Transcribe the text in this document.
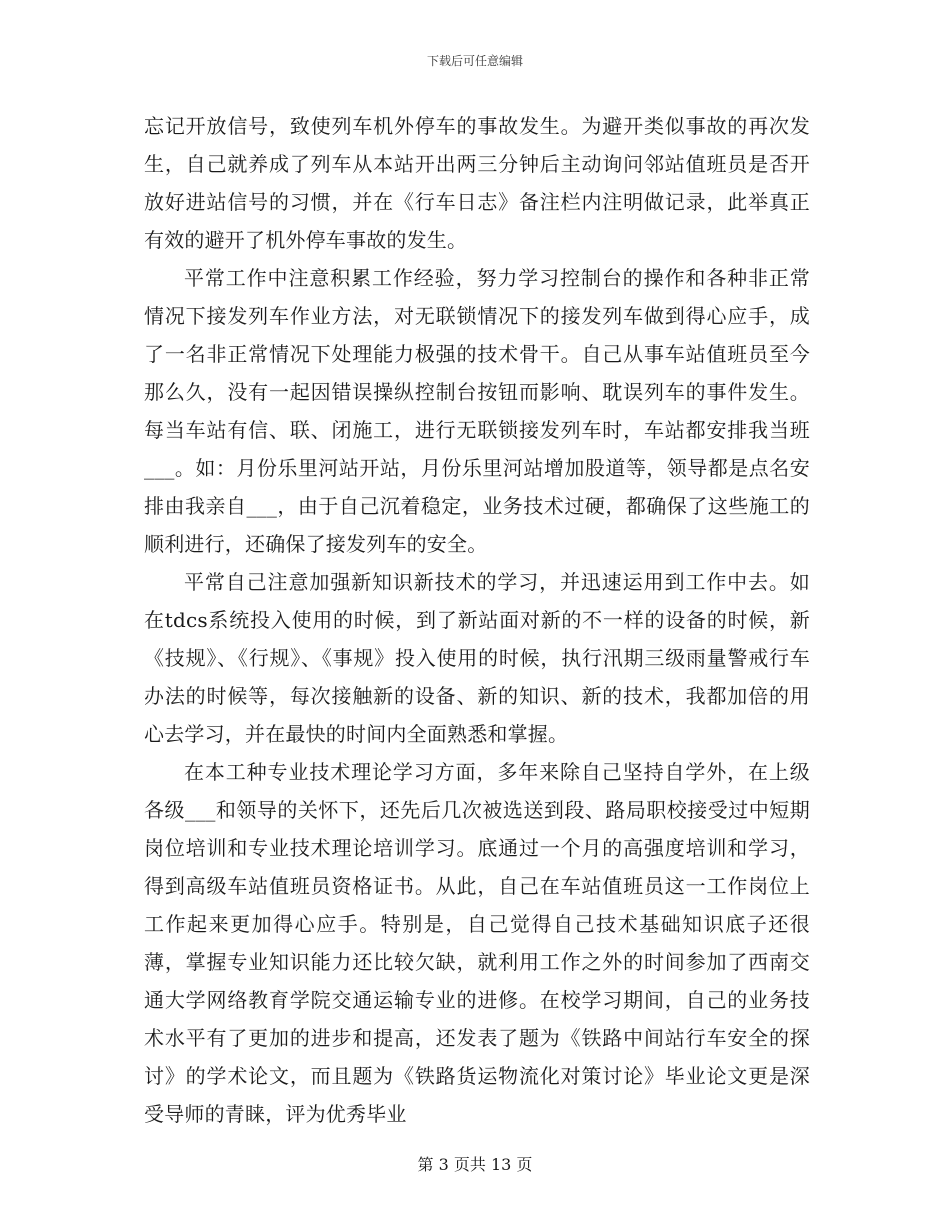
下载后可任意编辑

忘记开放信号，致使列车机外停车的事故发生。为避开类似事故的再次发生，自己就养成了列车从本站开出两三分钟后主动询问邻站值班员是否开放好进站信号的习惯，并在《行车日志》备注栏内注明做记录，此举真正有效的避开了机外停车事故的发生。

平常工作中注意积累工作经验，努力学习控制台的操作和各种非正常情况下接发列车作业方法，对无联锁情况下的接发列车做到得心应手，成了一名非正常情况下处理能力极强的技术骨干。自己从事车站值班员至今那么久，没有一起因错误操纵控制台按钮而影响、耽误列车的事件发生。每当车站有信、联、闭施工，进行无联锁接发列车时，车站都安排我当班___。如：月份乐里河站开站，月份乐里河站增加股道等，领导都是点名安排由我亲自___，由于自己沉着稳定，业务技术过硬，都确保了这些施工的顺利进行，还确保了接发列车的安全。

平常自己注意加强新知识新技术的学习，并迅速运用到工作中去。如在tdcs系统投入使用的时候，到了新站面对新的不一样的设备的时候，新《技规》、《行规》、《事规》投入使用的时候，执行汛期三级雨量警戒行车办法的时候等，每次接触新的设备、新的知识、新的技术，我都加倍的用心去学习，并在最快的时间内全面熟悉和掌握。

在本工种专业技术理论学习方面，多年来除自己坚持自学外，在上级各级___和领导的关怀下，还先后几次被选送到段、路局职校接受过中短期岗位培训和专业技术理论培训学习。底通过一个月的高强度培训和学习，得到高级车站值班员资格证书。从此，自己在车站值班员这一工作岗位上工作起来更加得心应手。特别是，自己觉得自己技术基础知识底子还很薄，掌握专业知识能力还比较欠缺，就利用工作之外的时间参加了西南交通大学网络教育学院交通运输专业的进修。在校学习期间，自己的业务技术水平有了更加的进步和提高，还发表了题为《铁路中间站行车安全的探讨》的学术论文，而且题为《铁路货运物流化对策讨论》毕业论文更是深受导师的青睐，评为优秀毕业

第 3 页共 13 页
